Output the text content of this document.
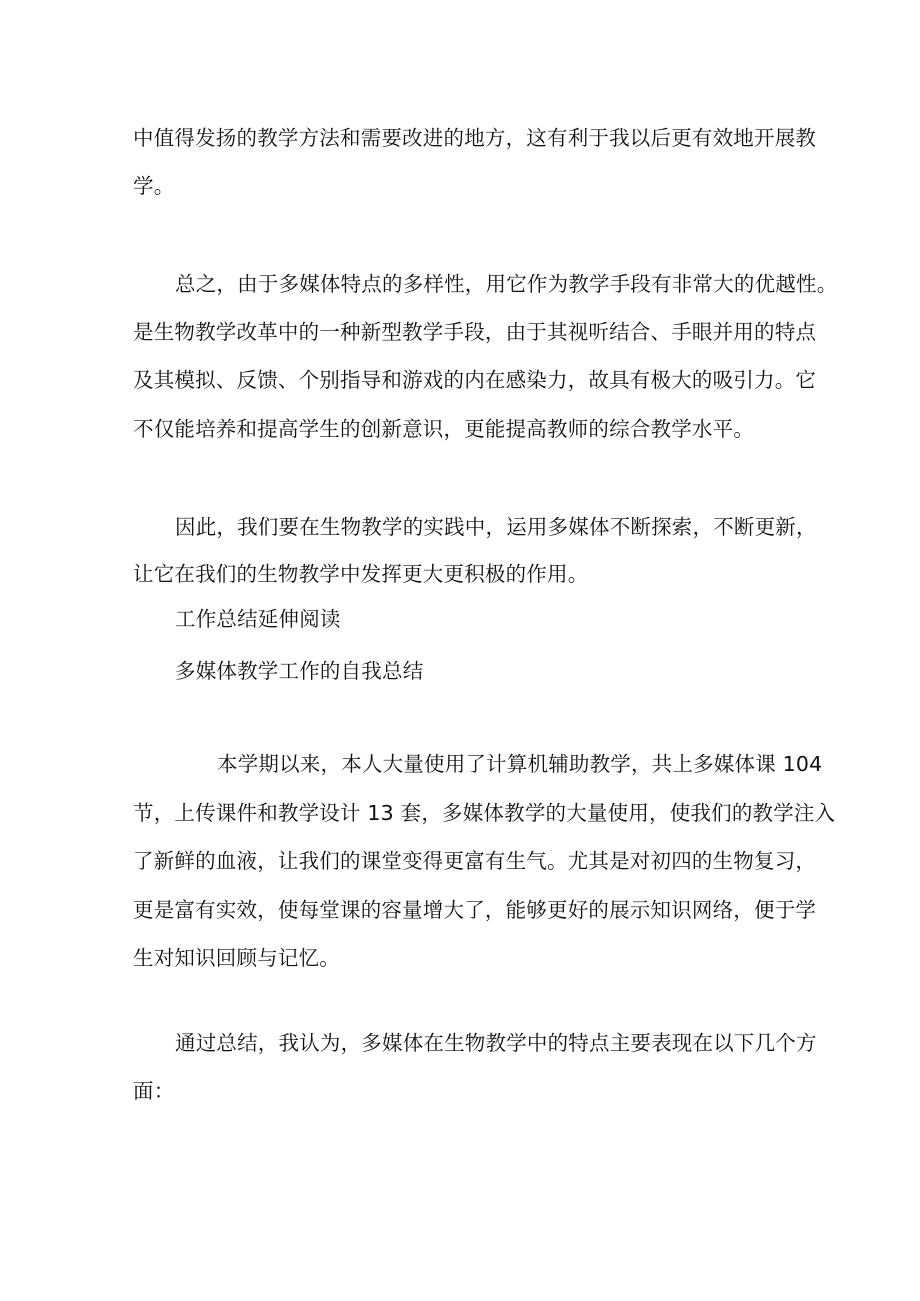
中值得发扬的教学方法和需要改进的地方，这有利于我以后更有效地开展教
学。
总之，由于多媒体特点的多样性，用它作为教学手段有非常大的优越性。
是生物教学改革中的一种新型教学手段，由于其视听结合、手眼并用的特点
及其模拟、反馈、个别指导和游戏的内在感染力，故具有极大的吸引力。它
不仅能培养和提高学生的创新意识，更能提高教师的综合教学水平。
因此，我们要在生物教学的实践中，运用多媒体不断探索，不断更新，
让它在我们的生物教学中发挥更大更积极的作用。
工作总结延伸阅读
多媒体教学工作的自我总结
本学期以来，本人大量使用了计算机辅助教学，共上多媒体课 104
节，上传课件和教学设计 13 套，多媒体教学的大量使用，使我们的教学注入
了新鲜的血液，让我们的课堂变得更富有生气。尤其是对初四的生物复习，
更是富有实效，使每堂课的容量增大了，能够更好的展示知识网络，便于学
生对知识回顾与记忆。
通过总结，我认为，多媒体在生物教学中的特点主要表现在以下几个方
面：
